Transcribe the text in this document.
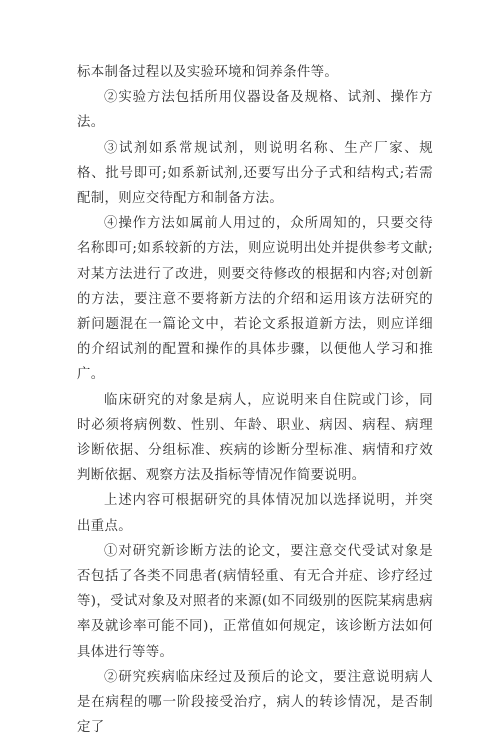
标本制备过程以及实验环境和饲养条件等。

②实验方法包括所用仪器设备及规格、试剂、操作方法。

③试剂如系常规试剂，则说明名称、生产厂家、规格、批号即可;如系新试剂,还要写出分子式和结构式;若需配制，则应交待配方和制备方法。

④操作方法如属前人用过的，众所周知的，只要交待名称即可;如系较新的方法，则应说明出处并提供参考文献;对某方法进行了改进，则要交待修改的根据和内容;对创新的方法，要注意不要将新方法的介绍和运用该方法研究的新问题混在一篇论文中，若论文系报道新方法，则应详细的介绍试剂的配置和操作的具体步骤，以便他人学习和推广。

临床研究的对象是病人，应说明来自住院或门诊，同时必须将病例数、性别、年龄、职业、病因、病程、病理诊断依据、分组标准、疾病的诊断分型标准、病情和疗效判断依据、观察方法及指标等情况作简要说明。

上述内容可根据研究的具体情况加以选择说明，并突出重点。

①对研究新诊断方法的论文，要注意交代受试对象是否包括了各类不同患者(病情轻重、有无合并症、诊疗经过等)，受试对象及对照者的来源(如不同级别的医院某病患病率及就诊率可能不同)，正常值如何规定，该诊断方法如何具体进行等等。

②研究疾病临床经过及预后的论文，要注意说明病人是在病程的哪一阶段接受治疗，病人的转诊情况，是否制定了
